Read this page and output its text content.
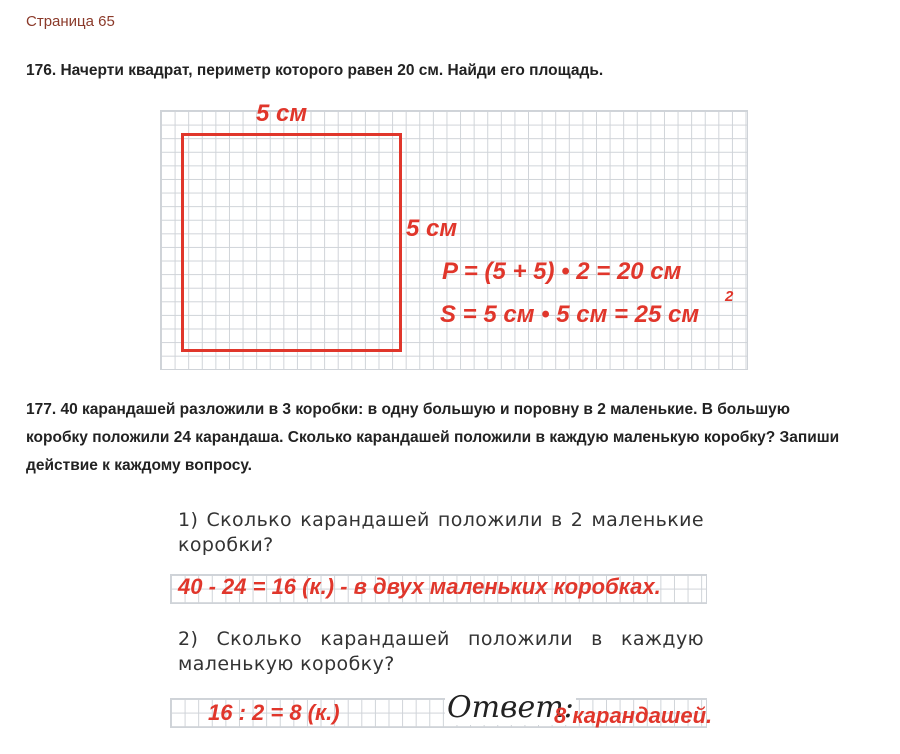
Страница 65
176. Начерти квадрат, периметр которого равен 20 см. Найди его площадь.
5 см
5 см
P = (5 + 5) • 2 = 20 см
S = 5 см • 5 см = 25 см
2
177. 40 карандашей разложили в 3 коробки: в одну большую и поровну в 2 маленькие. В большую коробку положили 24 карандаша. Сколько карандашей положили в каждую маленькую коробку? Запиши действие к каждому вопросу.
1) Сколько карандашей положили в 2 маленькие коробки?
40 - 24 = 16 (к.) - в двух маленьких коробках.
2) Сколько карандашей положили в каждую маленькую коробку?
16 : 2 = 8 (к.)	Ответ:
8 карандашей.
